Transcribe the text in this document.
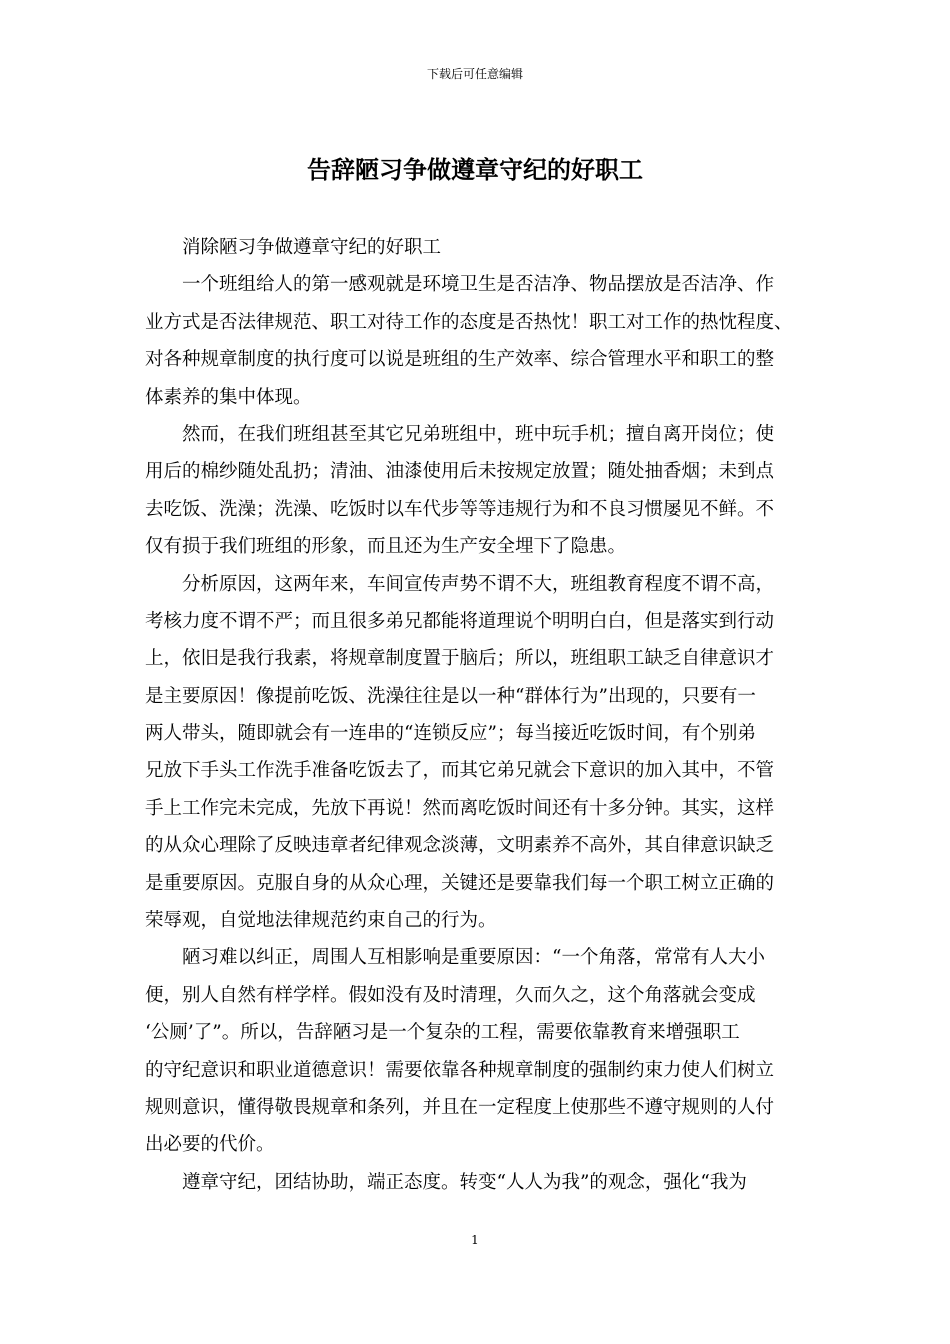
下载后可任意编辑
告辞陋习争做遵章守纪的好职工

消除陋习争做遵章守纪的好职工

一个班组给人的第一感观就是环境卫生是否洁净、物品摆放是否洁净、作
业方式是否法律规范、职工对待工作的态度是否热忱！职工对工作的热忱程度、
对各种规章制度的执行度可以说是班组的生产效率、综合管理水平和职工的整
体素养的集中体现。

然而，在我们班组甚至其它兄弟班组中，班中玩手机；擅自离开岗位；使
用后的棉纱随处乱扔；清油、油漆使用后未按规定放置；随处抽香烟；未到点
去吃饭、洗澡；洗澡、吃饭时以车代步等等违规行为和不良习惯屡见不鲜。不
仅有损于我们班组的形象，而且还为生产安全埋下了隐患。

分析原因，这两年来，车间宣传声势不谓不大，班组教育程度不谓不高，
考核力度不谓不严；而且很多弟兄都能将道理说个明明白白，但是落实到行动
上，依旧是我行我素，将规章制度置于脑后；所以，班组职工缺乏自律意识才
是主要原因！像提前吃饭、洗澡往往是以一种“群体行为”出现的，只要有一
两人带头，随即就会有一连串的“连锁反应”；每当接近吃饭时间，有个别弟
兄放下手头工作洗手准备吃饭去了，而其它弟兄就会下意识的加入其中，不管
手上工作完未完成，先放下再说！然而离吃饭时间还有十多分钟。其实，这样
的从众心理除了反映违章者纪律观念淡薄，文明素养不高外，其自律意识缺乏
是重要原因。克服自身的从众心理，关键还是要靠我们每一个职工树立正确的
荣辱观，自觉地法律规范约束自己的行为。

陋习难以纠正，周围人互相影响是重要原因：“一个角落，常常有人大小
便，别人自然有样学样。假如没有及时清理，久而久之，这个角落就会变成
‘公厕’了”。所以，告辞陋习是一个复杂的工程，需要依靠教育来增强职工
的守纪意识和职业道德意识！需要依靠各种规章制度的强制约束力使人们树立
规则意识，懂得敬畏规章和条列，并且在一定程度上使那些不遵守规则的人付
出必要的代价。

遵章守纪，团结协助，端正态度。转变“人人为我”的观念，强化“我为

1
